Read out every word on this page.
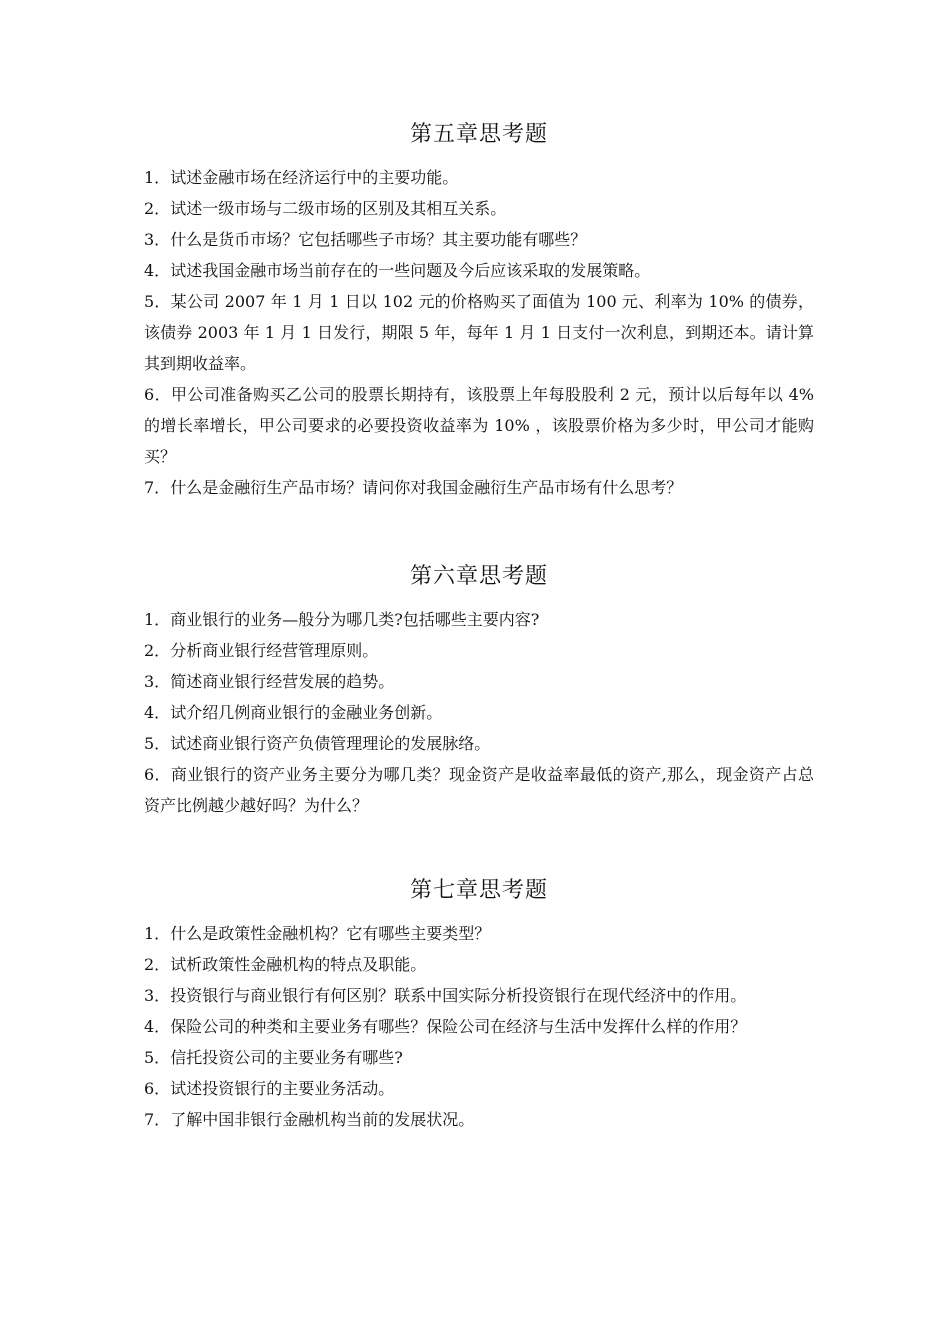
第五章思考题

1．试述金融市场在经济运行中的主要功能。

2．试述一级市场与二级市场的区别及其相互关系。

3．什么是货币市场？它包括哪些子市场？其主要功能有哪些？

4．试述我国金融市场当前存在的一些问题及今后应该采取的发展策略。

5．某公司 2007 年 1 月 1 日以 102 元的价格购买了面值为 100 元、利率为 10% 的债券，该债券 2003 年 1 月 1 日发行，期限 5 年，每年 1 月 1 日支付一次利息，到期还本。请计算其到期收益率。

6．甲公司准备购买乙公司的股票长期持有，该股票上年每股股利 2 元，预计以后每年以 4% 的增长率增长，甲公司要求的必要投资收益率为 10% ，该股票价格为多少时，甲公司才能购买？

7．什么是金融衍生产品市场？请问你对我国金融衍生产品市场有什么思考？

第六章思考题

1．商业银行的业务—般分为哪几类?包括哪些主要内容?

2．分析商业银行经营管理原则。

3．简述商业银行经营发展的趋势。

4．试介绍几例商业银行的金融业务创新。

5．试述商业银行资产负债管理理论的发展脉络。

6．商业银行的资产业务主要分为哪几类？现金资产是收益率最低的资产,那么，现金资产占总资产比例越少越好吗？为什么？

第七章思考题

1．什么是政策性金融机构？它有哪些主要类型？

2．试析政策性金融机构的特点及职能。

3．投资银行与商业银行有何区别？联系中国实际分析投资银行在现代经济中的作用。

4．保险公司的种类和主要业务有哪些？保险公司在经济与生活中发挥什么样的作用？

5．信托投资公司的主要业务有哪些?

6．试述投资银行的主要业务活动。

7．了解中国非银行金融机构当前的发展状况。
